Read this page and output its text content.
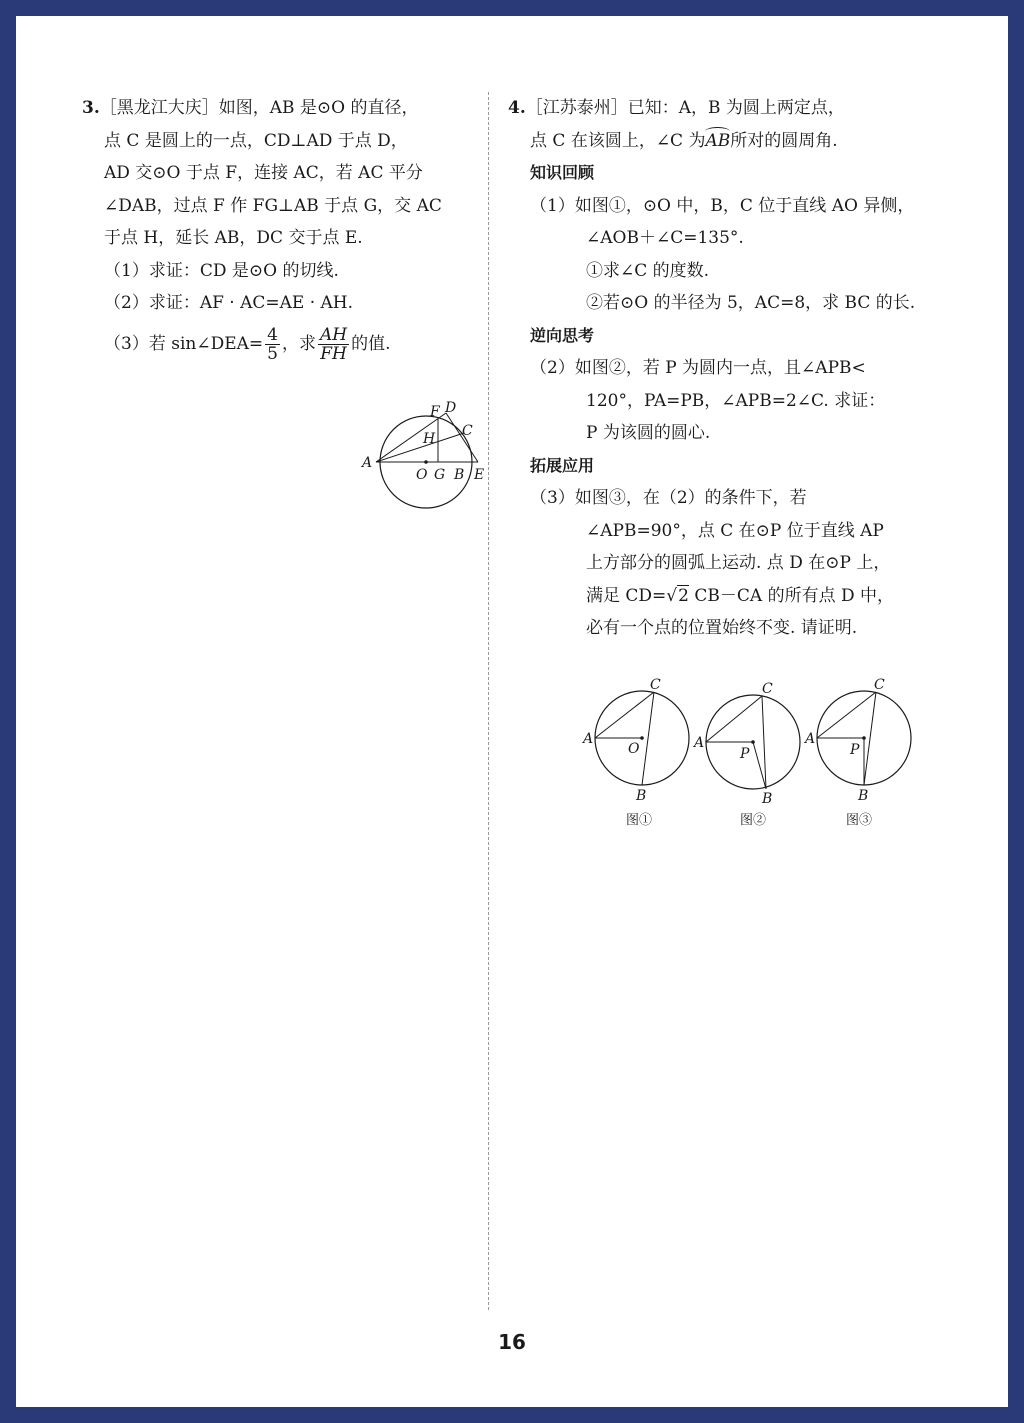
3.［黑龙江大庆］如图，AB 是⊙O 的直径，
点 C 是圆上的一点，CD⊥AD 于点 D，
AD 交⊙O 于点 F，连接 AC，若 AC 平分
∠DAB，过点 F 作 FG⊥AB 于点 G，交 AC
于点 H，延长 AB，DC 交于点 E.
（1）求证：CD 是⊙O 的切线.
（2）求证：AF · AC=AE · AH.
（3）若 sin∠DEA= $\frac{4}{5}$ ，求 $\frac{AH}{FH}$ 的值.
A
O G B E
F D
H C
4.［江苏泰州］已知：A，B 为圆上两定点，
点 C 在该圆上，∠C 为AB所对的圆周角.
知识回顾
（1）如图①，⊙O 中，B，C 位于直线 AO 异侧，
∠AOB＋∠C=135°.
①求∠C 的度数.
②若⊙O 的半径为 5，AC=8，求 BC 的长.
逆向思考
（2）如图②，若 P 为圆内一点，且∠APB<
120°，PA=PB，∠APB=2∠C. 求证：
P 为该圆的圆心.
拓展应用
（3）如图③，在（2）的条件下，若
∠APB=90°，点 C 在⊙P 位于直线 AP
上方部分的圆弧上运动. 点 D 在⊙P 上，
满足 CD=√2 CB－CA 的所有点 D 中，
必有一个点的位置始终不变. 请证明.
A
O
C
B
图①
A
P
C
B
图②
A
P
C
B
图③
16
